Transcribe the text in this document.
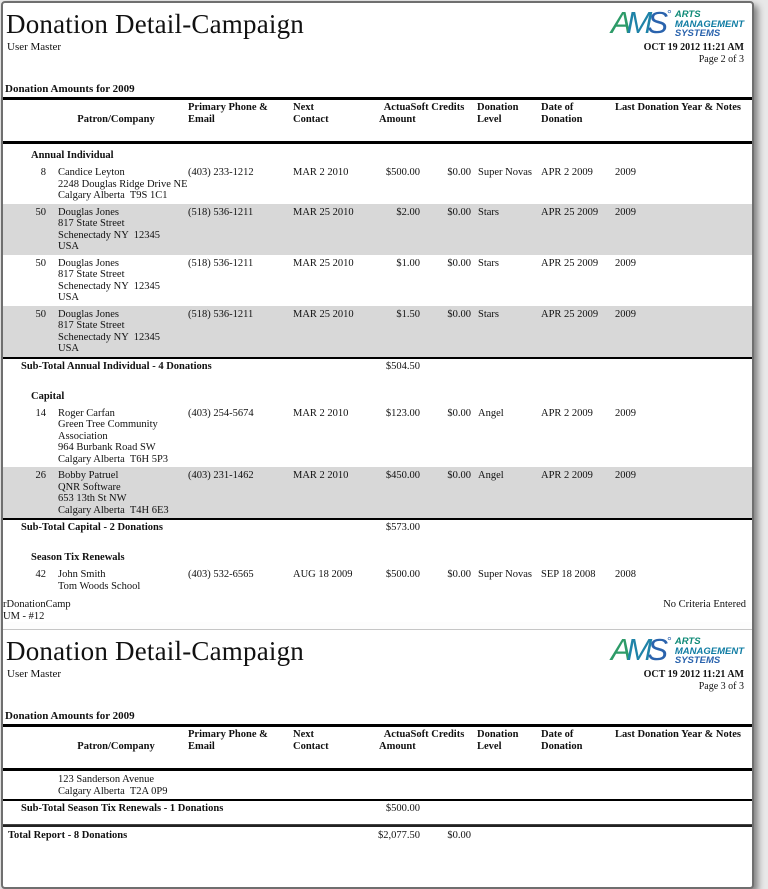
Donation Detail-Campaign
User Master
AMS ° ARTS
MANAGEMENT
SYSTEMS
OCT 19 2012 11:21 AM
Page 2 of 3
Donation Amounts for 2009
Patron/Company
Primary Phone &
Email
Next
Contact
ActuaSoft Credits
Amount
Donation Level
Date of
Donation
Last Donation Year & Notes
Annual Individual
8	Candice Leyton
2248 Douglas Ridge Drive NE
Calgary Alberta  T9S 1C1
(403) 233-1212	MAR 2 2010	$500.00	$0.00 Super Novas APR 2 2009	2009
50	Douglas Jones
817 State Street
Schenectady NY  12345
USA
(518) 536-1211	MAR 25 2010	$2.00	$0.00 Stars	APR 25 2009	2009
50	Douglas Jones
817 State Street
Schenectady NY  12345
USA
(518) 536-1211	MAR 25 2010	$1.00	$0.00 Stars	APR 25 2009	2009
50	Douglas Jones
817 State Street
Schenectady NY  12345
USA
(518) 536-1211	MAR 25 2010	$1.50	$0.00 Stars	APR 25 2009	2009
Sub-Total Annual Individual - 4 Donations	$504.50
Capital
14	Roger Carfan
Green Tree Community
Association
964 Burbank Road SW
Calgary Alberta  T6H 5P3
(403) 254-5674	MAR 2 2010	$123.00	$0.00 Angel	APR 2 2009	2009
26	Bobby Patruel
QNR Software
653 13th St NW
Calgary Alberta  T4H 6E3
(403) 231-1462	MAR 2 2010	$450.00	$0.00 Angel	APR 2 2009	2009
Sub-Total Capital - 2 Donations	$573.00
Season Tix Renewals
42	John Smith
Tom Woods School
(403) 532-6565	AUG 18 2009	$500.00	$0.00 Super Novas SEP 18 2008	2008
rDonationCamp
UM - #12
No Criteria Entered
Donation Detail-Campaign
User Master
AMS ° ARTS
MANAGEMENT
SYSTEMS
OCT 19 2012 11:21 AM
Page 3 of 3
Donation Amounts for 2009
Patron/Company
Primary Phone &
Email
Next
Contact
ActuaSoft Credits
Amount
Donation Level
Date of
Donation
Last Donation Year & Notes
123 Sanderson Avenue
Calgary Alberta  T2A 0P9
Sub-Total Season Tix Renewals - 1 Donations	$500.00
Total Report - 8 Donations	$2,077.50	$0.00
